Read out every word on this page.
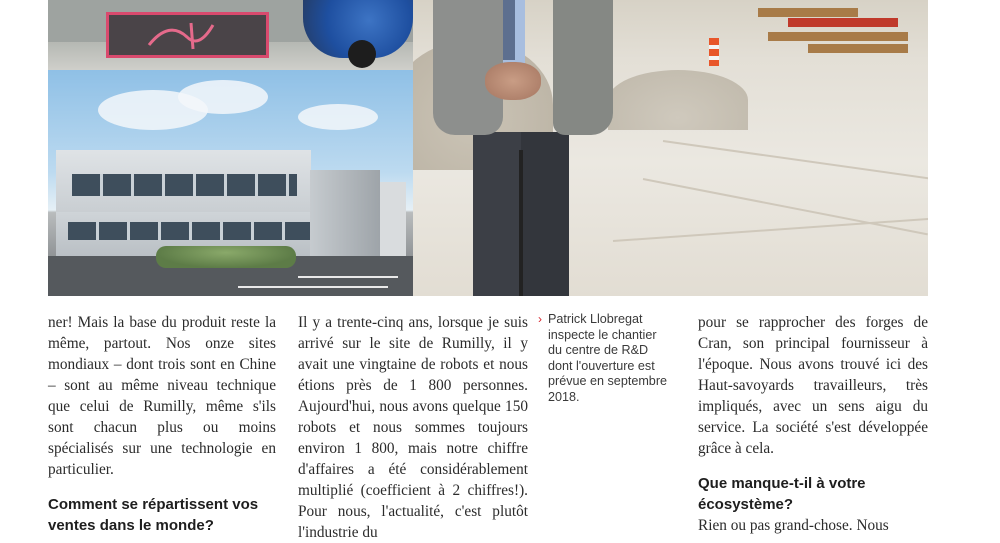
ner! Mais la base du produit reste la même, partout. Nos onze sites mondiaux – dont trois sont en Chine – sont au même niveau technique que celui de Rumilly, même s'ils sont chacun plus ou moins spécialisés sur une technologie en particulier.

Comment se répartissent vos ventes dans le monde?

Il y a trente-cinq ans, lorsque je suis arrivé sur le site de Rumilly, il y avait une vingtaine de robots et nous étions près de 1 800 personnes. Aujourd'hui, nous avons quelque 150 robots et nous sommes toujours environ 1 800, mais notre chiffre d'affaires a été considérablement multiplié (coefficient à 2 chiffres!). Pour nous, l'actualité, c'est plutôt l'industrie du

› Patrick Llobregat inspecte le chantier du centre de R&D dont l'ouverture est prévue en septembre 2018.

pour se rapprocher des forges de Cran, son principal fournisseur à l'époque. Nous avons trouvé ici des Haut-savoyards travailleurs, très impliqués, avec un sens aigu du service. La société s'est développée grâce à cela.

Que manque-t-il à votre écosystème?

Rien ou pas grand-chose. Nous
